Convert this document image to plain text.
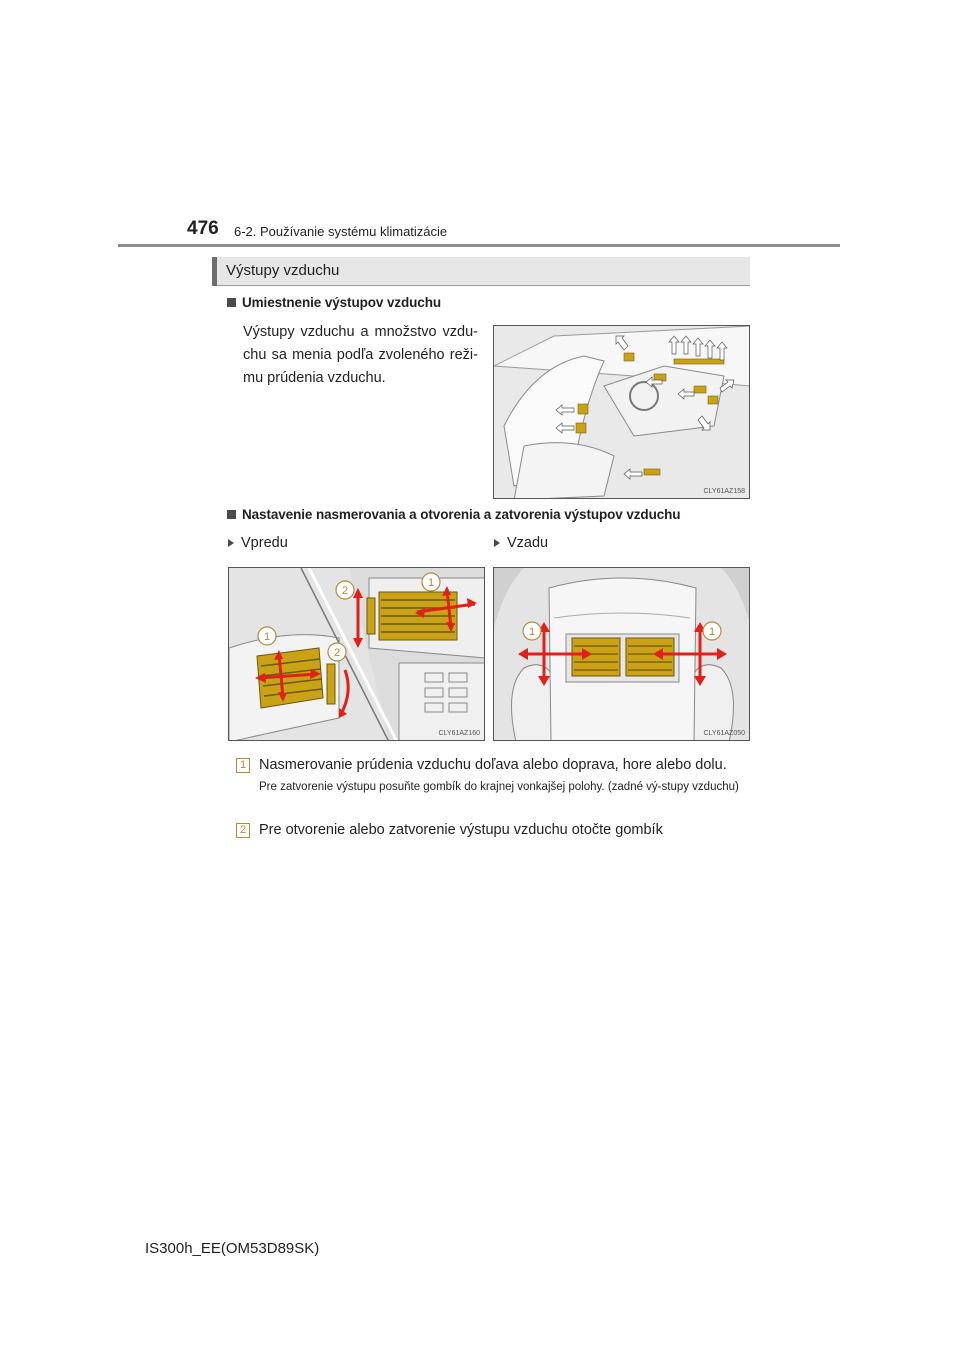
476 6-2. Používanie systému klimatizácie
Výstupy vzduchu
Umiestnenie výstupov vzduchu
Výstupy vzduchu a množstvo vzdu-chu sa menia podľa zvoleného reži-mu prúdenia vzduchu.
CLY61AZ158
Nastavenie nasmerovania a otvorenia a zatvorenia výstupov vzduchu
Vpredu	Vzadu
1
2
1
2
CLY61AZ160
1	1
CLY61AZ050
1 Nasmerovanie prúdenia vzduchu doľava alebo doprava, hore alebo dolu.
Pre zatvorenie výstupu posuňte gombík do krajnej vonkajšej polohy. (zadné vý-stupy vzduchu)
2 Pre otvorenie alebo zatvorenie výstupu vzduchu otočte gombík
IS300h_EE(OM53D89SK)
